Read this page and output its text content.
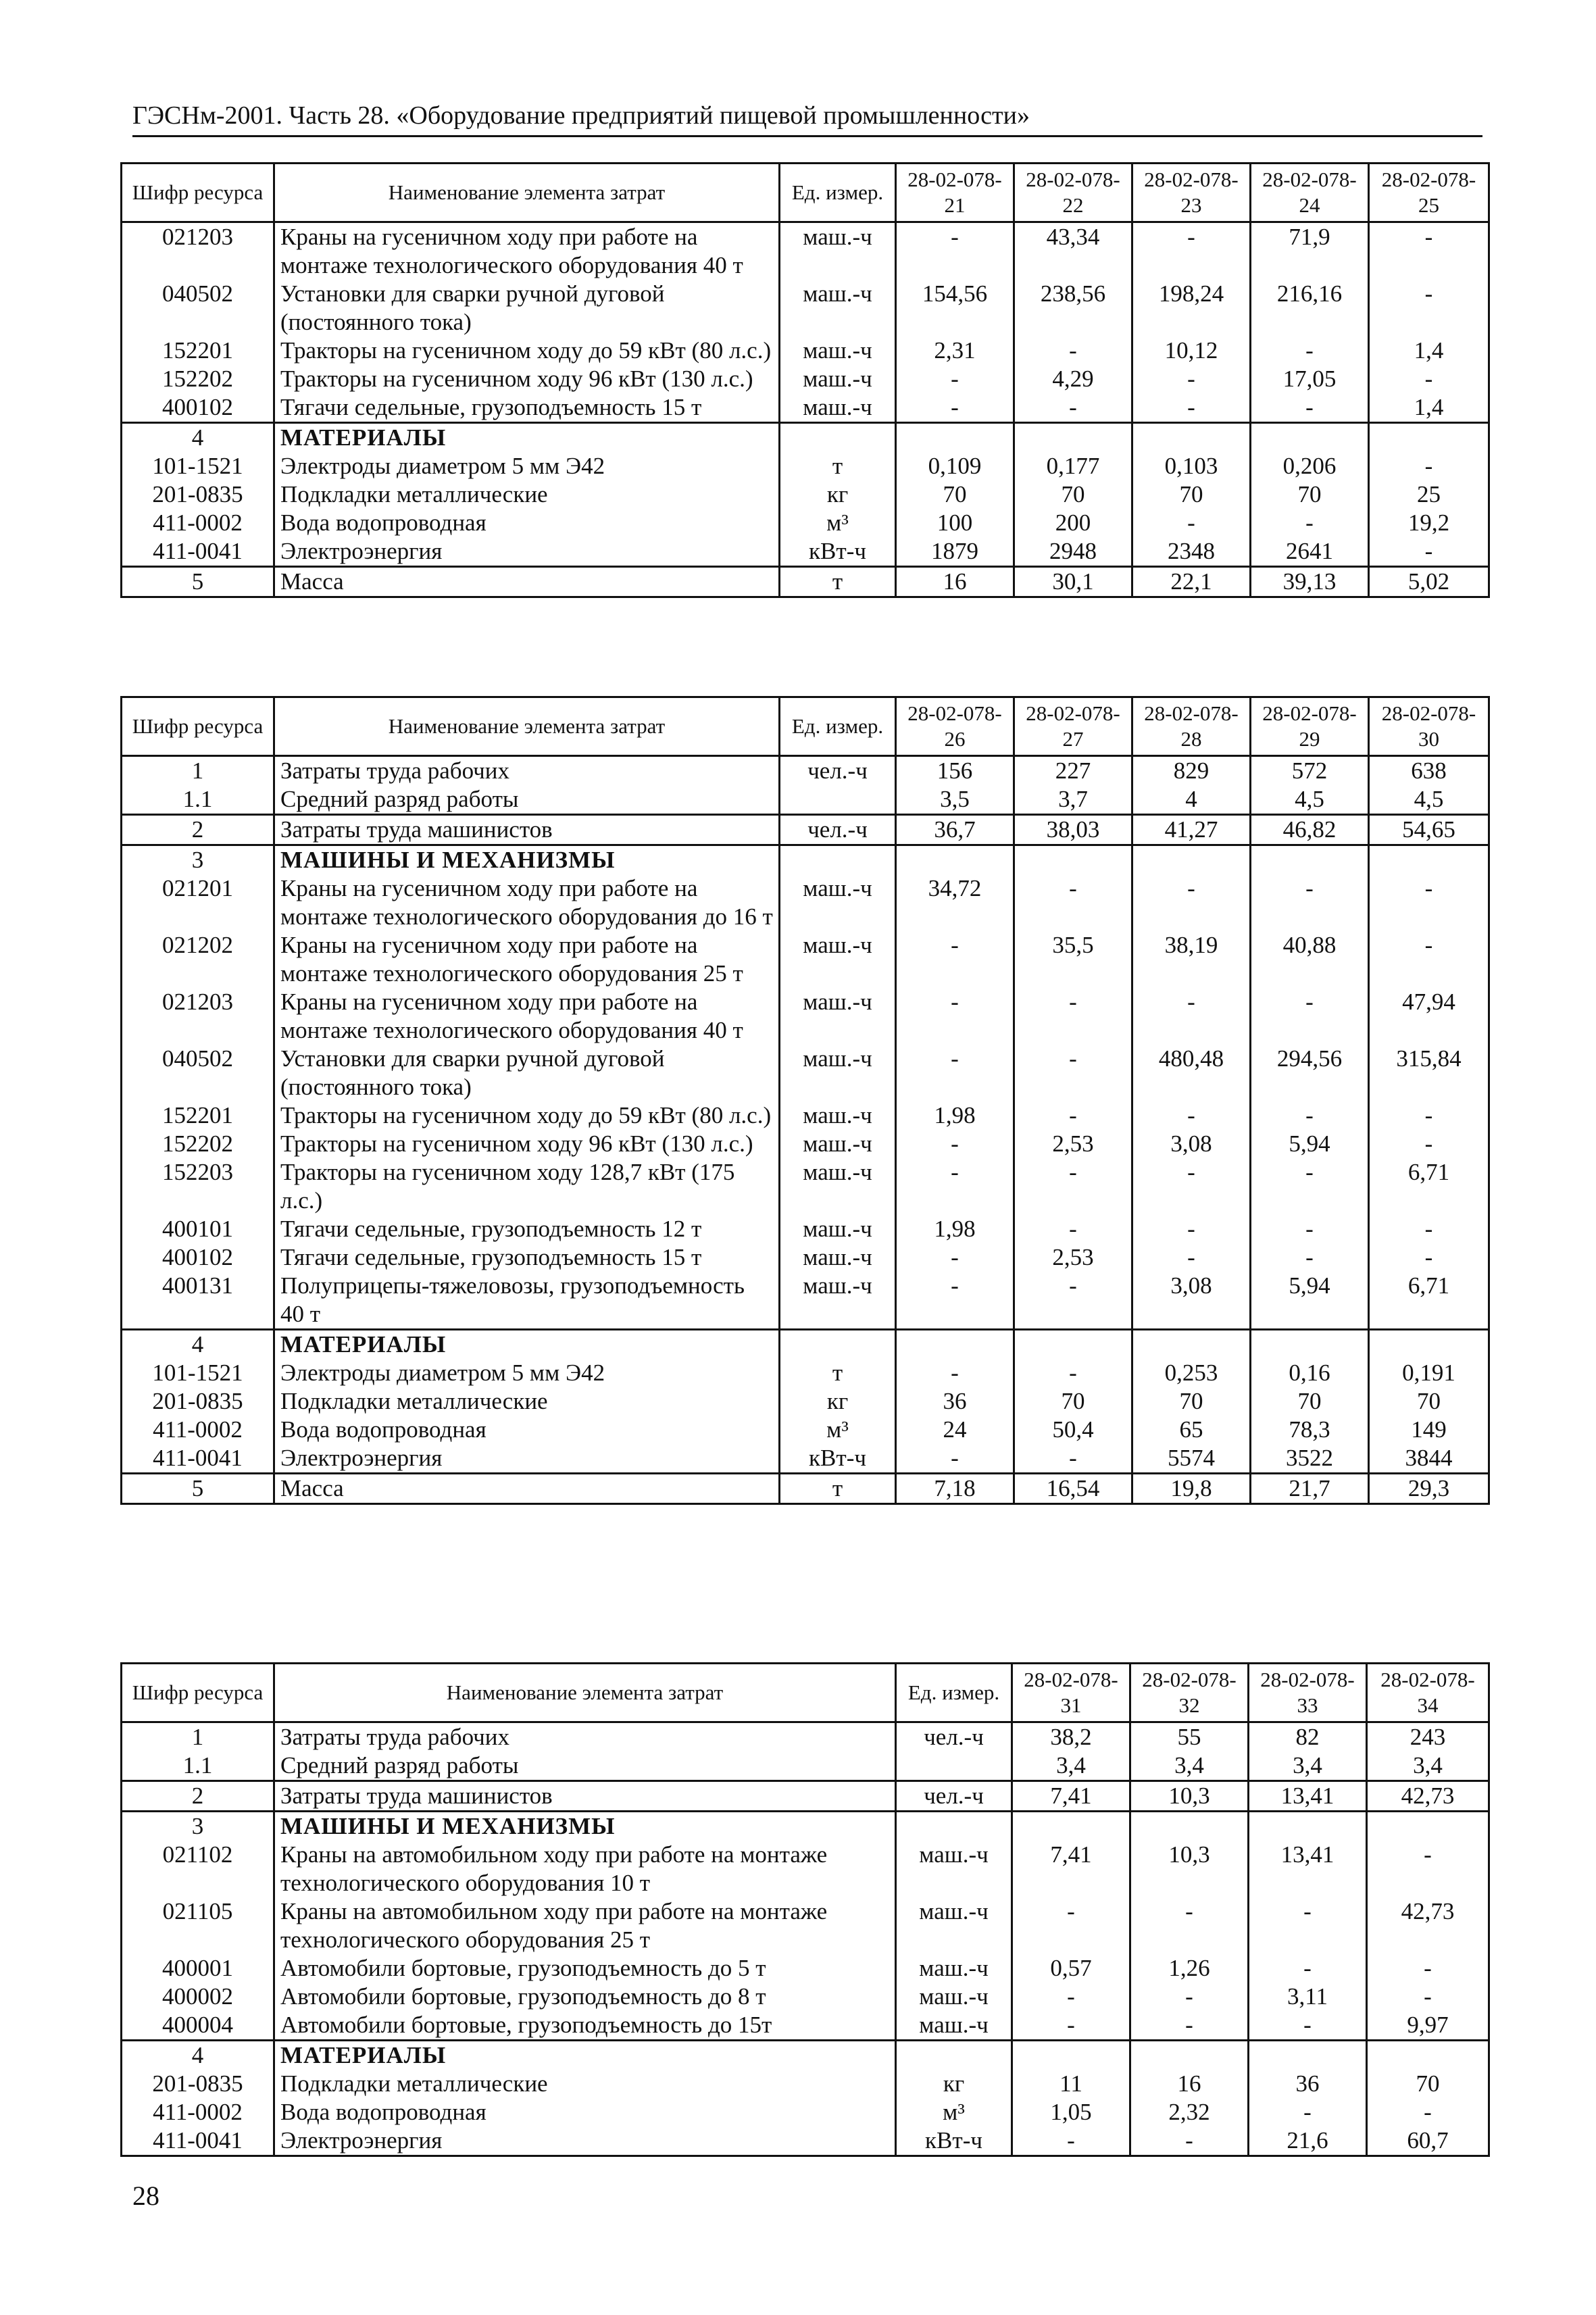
ГЭСНм-2001. Часть 28. «Оборудование предприятий пищевой промышленности»
Шифр ресурса	Наименование элемента затрат	Ед. измер.	28-02-078-21	28-02-078-22	28-02-078-23	28-02-078-24	28-02-078-25
021203	Краны на гусеничном ходу при работе на монтаже технологического оборудования 40 т	маш.-ч	-	43,34	-	71,9	-
040502	Установки для сварки ручной дуговой (постоянного тока)	маш.-ч	154,56	238,56	198,24	216,16	-
152201	Тракторы на гусеничном ходу до 59 кВт (80 л.с.)	маш.-ч	2,31	-	10,12	-	1,4
152202	Тракторы на гусеничном ходу 96 кВт (130 л.с.)	маш.-ч	-	4,29	-	17,05	-
400102	Тягачи седельные, грузоподъемность 15 т	маш.-ч	-	-	-	-	1,4
4	МАТЕРИАЛЫ						
101-1521	Электроды диаметром 5 мм Э42	т	0,109	0,177	0,103	0,206	-
201-0835	Подкладки металлические	кг	70	70	70	70	25
411-0002	Вода водопроводная	м³	100	200	-	-	19,2
411-0041	Электроэнергия	кВт-ч	1879	2948	2348	2641	-
5	Масса	т	16	30,1	22,1	39,13	5,02
Шифр ресурса	Наименование элемента затрат	Ед. измер.	28-02-078-26	28-02-078-27	28-02-078-28	28-02-078-29	28-02-078-30
1	Затраты труда рабочих	чел.-ч	156	227	829	572	638
1.1	Средний разряд работы		3,5	3,7	4	4,5	4,5
2	Затраты труда машинистов	чел.-ч	36,7	38,03	41,27	46,82	54,65
3	МАШИНЫ И МЕХАНИЗМЫ						
021201	Краны на гусеничном ходу при работе на монтаже технологического оборудования до 16 т	маш.-ч	34,72	-	-	-	-
021202	Краны на гусеничном ходу при работе на монтаже технологического оборудования 25 т	маш.-ч	-	35,5	38,19	40,88	-
021203	Краны на гусеничном ходу при работе на монтаже технологического оборудования 40 т	маш.-ч	-	-	-	-	47,94
040502	Установки для сварки ручной дуговой (постоянного тока)	маш.-ч	-	-	480,48	294,56	315,84
152201	Тракторы на гусеничном ходу до 59 кВт (80 л.с.)	маш.-ч	1,98	-	-	-	-
152202	Тракторы на гусеничном ходу 96 кВт (130 л.с.)	маш.-ч	-	2,53	3,08	5,94	-
152203	Тракторы на гусеничном ходу 128,7 кВт (175 л.с.)	маш.-ч	-	-	-	-	6,71
400101	Тягачи седельные, грузоподъемность 12 т	маш.-ч	1,98	-	-	-	-
400102	Тягачи седельные, грузоподъемность 15 т	маш.-ч	-	2,53	-	-	-
400131	Полуприцепы-тяжеловозы, грузоподъемность 40 т	маш.-ч	-	-	3,08	5,94	6,71
4	МАТЕРИАЛЫ						
101-1521	Электроды диаметром 5 мм Э42	т	-	-	0,253	0,16	0,191
201-0835	Подкладки металлические	кг	36	70	70	70	70
411-0002	Вода водопроводная	м³	24	50,4	65	78,3	149
411-0041	Электроэнергия	кВт-ч	-	-	5574	3522	3844
5	Масса	т	7,18	16,54	19,8	21,7	29,3
Шифр ресурса	Наименование элемента затрат	Ед. измер.	28-02-078-31	28-02-078-32	28-02-078-33	28-02-078-34
1	Затраты труда рабочих	чел.-ч	38,2	55	82	243
1.1	Средний разряд работы		3,4	3,4	3,4	3,4
2	Затраты труда машинистов	чел.-ч	7,41	10,3	13,41	42,73
3	МАШИНЫ И МЕХАНИЗМЫ					
021102	Краны на автомобильном ходу при работе на монтаже технологического оборудования 10 т	маш.-ч	7,41	10,3	13,41	-
021105	Краны на автомобильном ходу при работе на монтаже технологического оборудования 25 т	маш.-ч	-	-	-	42,73
400001	Автомобили бортовые, грузоподъемность до 5 т	маш.-ч	0,57	1,26	-	-
400002	Автомобили бортовые, грузоподъемность до 8 т	маш.-ч	-	-	3,11	-
400004	Автомобили бортовые, грузоподъемность до 15т	маш.-ч	-	-	-	9,97
4	МАТЕРИАЛЫ					
201-0835	Подкладки металлические	кг	11	16	36	70
411-0002	Вода водопроводная	м³	1,05	2,32	-	-
411-0041	Электроэнергия	кВт-ч	-	-	21,6	60,7
28
